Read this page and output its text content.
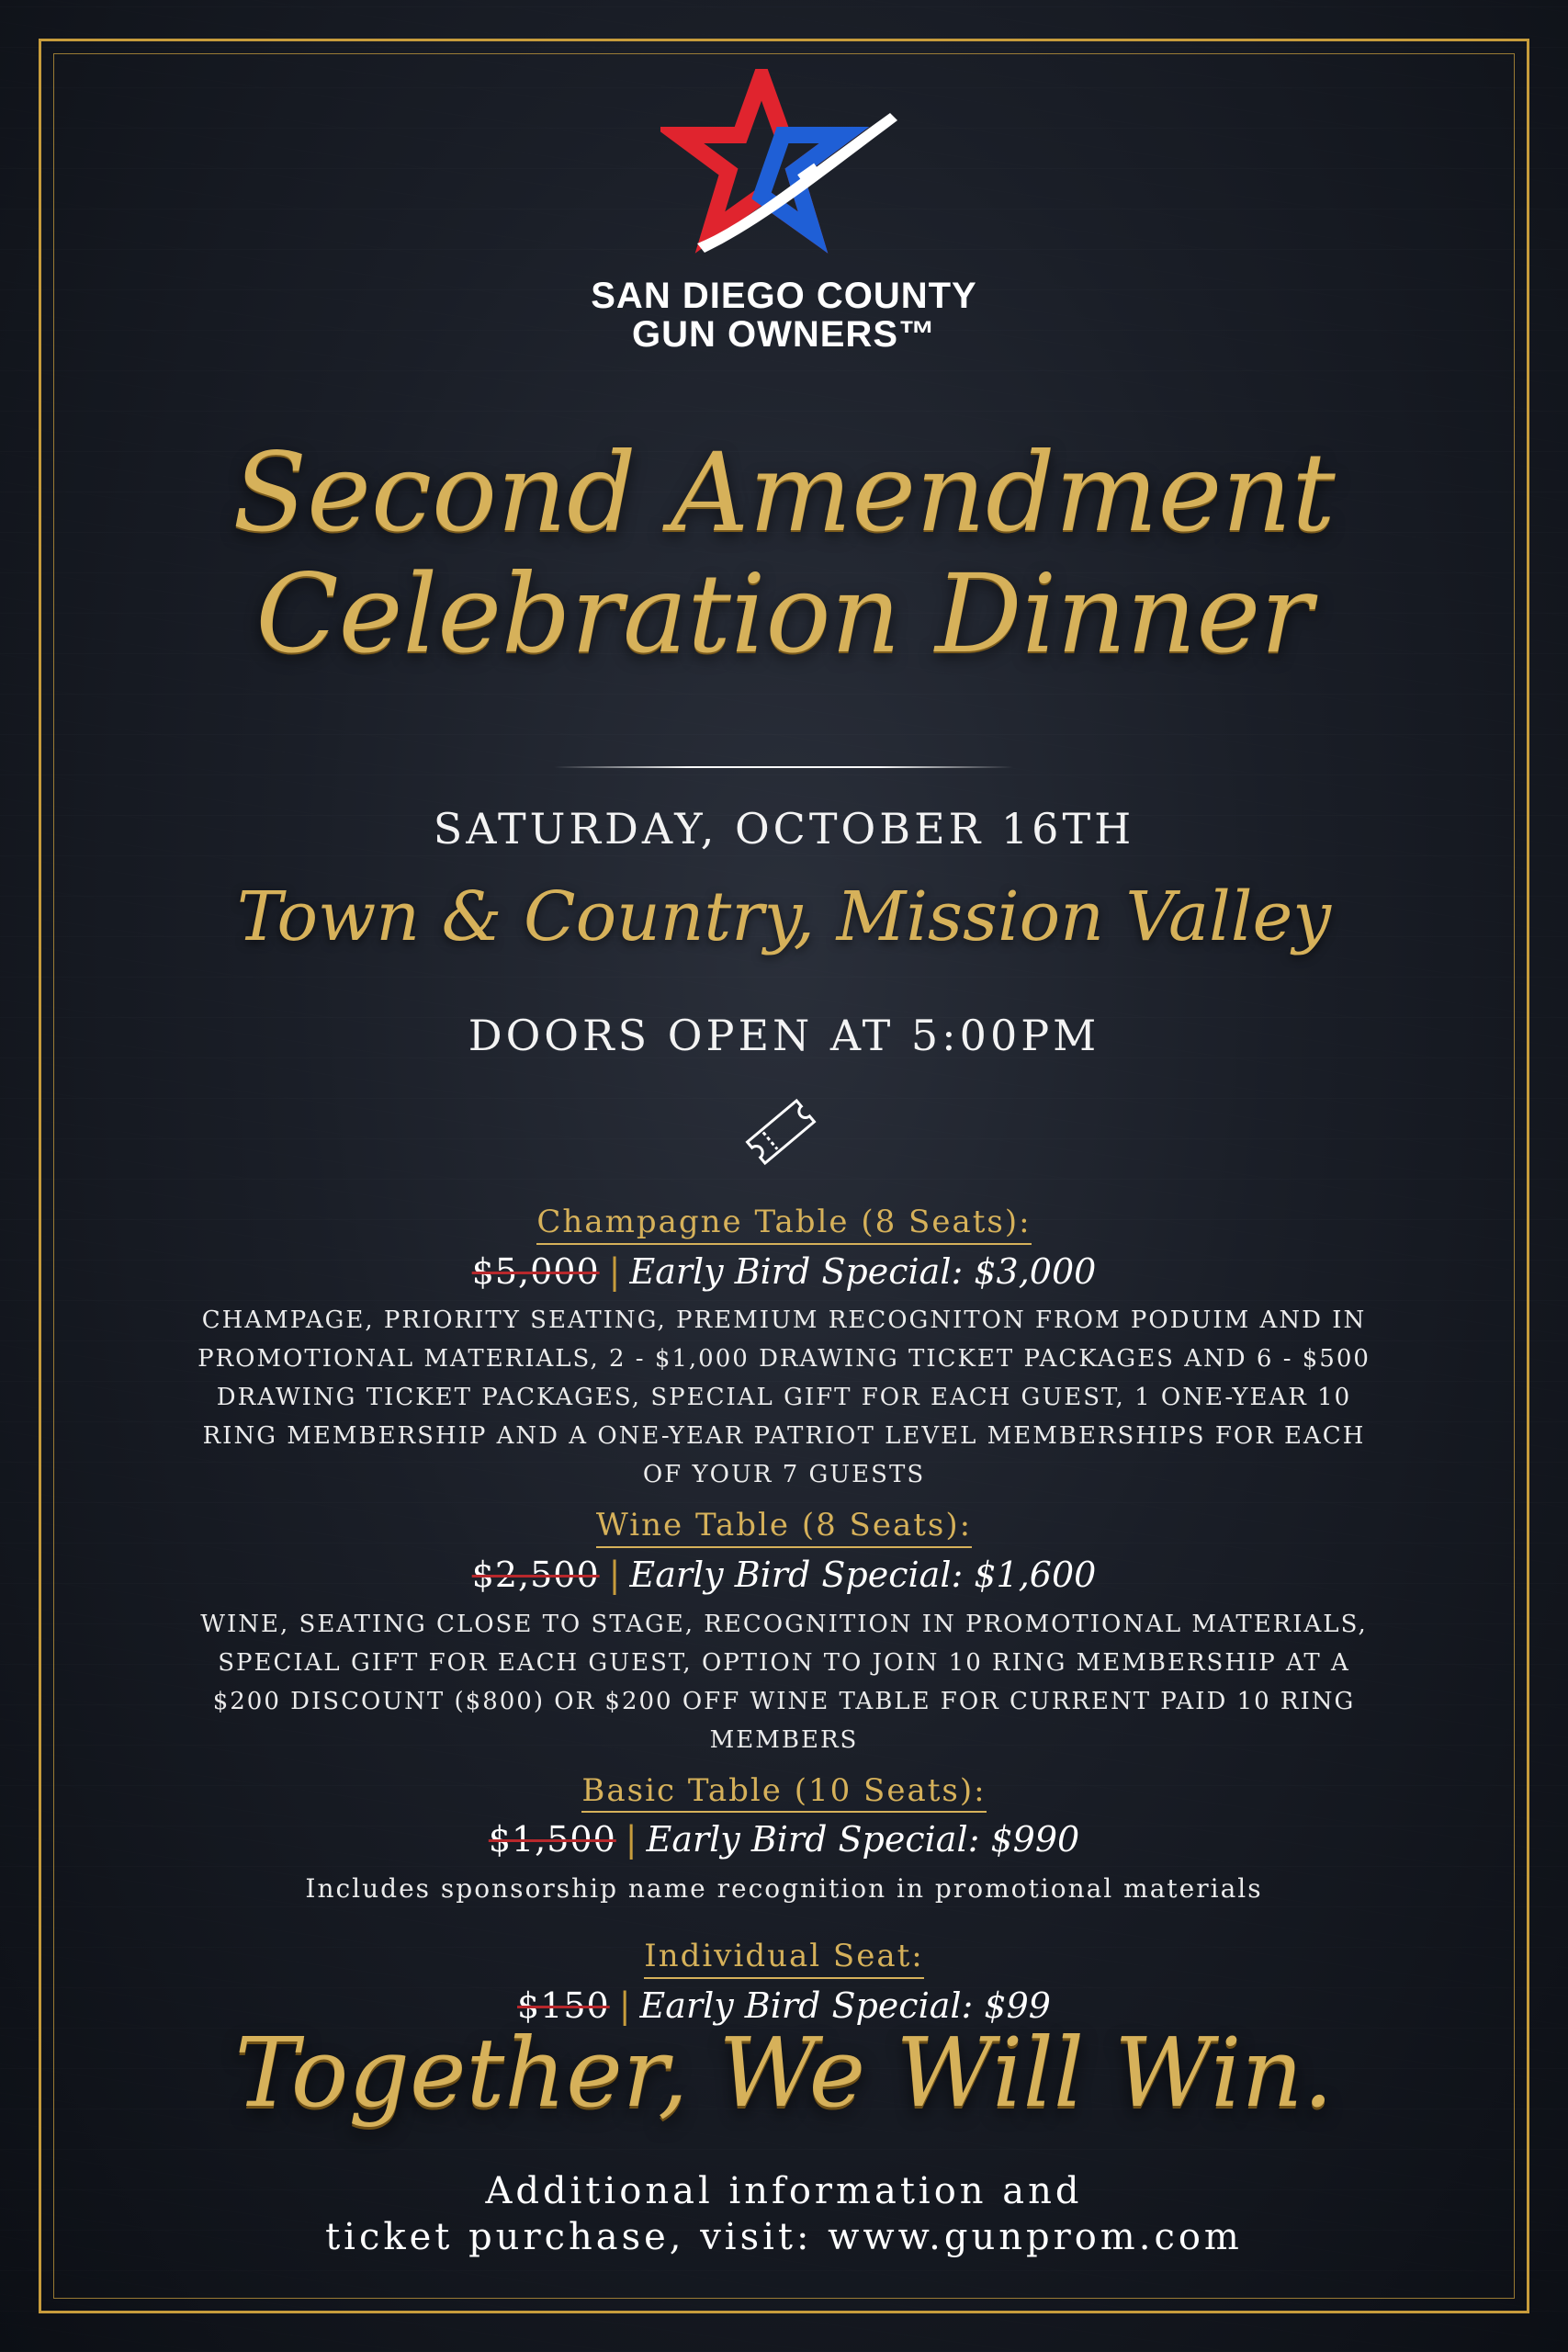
SAN DIEGO COUNTY
GUN OWNERS™
Second Amendment
Celebration Dinner
SATURDAY, OCTOBER 16TH
Town & Country, Mission Valley
DOORS OPEN AT 5:00PM
Champagne Table (8 Seats):
$5,000 | Early Bird Special: $3,000
CHAMPAGE, PRIORITY SEATING, PREMIUM RECOGNITON FROM PODUIM AND IN PROMOTIONAL MATERIALS, 2 - $1,000 DRAWING TICKET PACKAGES AND 6 - $500 DRAWING TICKET PACKAGES, SPECIAL GIFT FOR EACH GUEST, 1 ONE-YEAR 10 RING MEMBERSHIP AND A ONE-YEAR PATRIOT LEVEL MEMBERSHIPS FOR EACH OF YOUR 7 GUESTS
Wine Table (8 Seats):
$2,500 | Early Bird Special: $1,600
WINE, SEATING CLOSE TO STAGE, RECOGNITION IN PROMOTIONAL MATERIALS, SPECIAL GIFT FOR EACH GUEST, OPTION TO JOIN 10 RING MEMBERSHIP AT A $200 DISCOUNT ($800) OR $200 OFF WINE TABLE FOR CURRENT PAID 10 RING MEMBERS
Basic Table (10 Seats):
$1,500 | Early Bird Special: $990
Includes sponsorship name recognition in promotional materials
Individual Seat:
$150 | Early Bird Special: $99
Together, We Will Win.
Additional information and
ticket purchase, visit: www.gunprom.com
